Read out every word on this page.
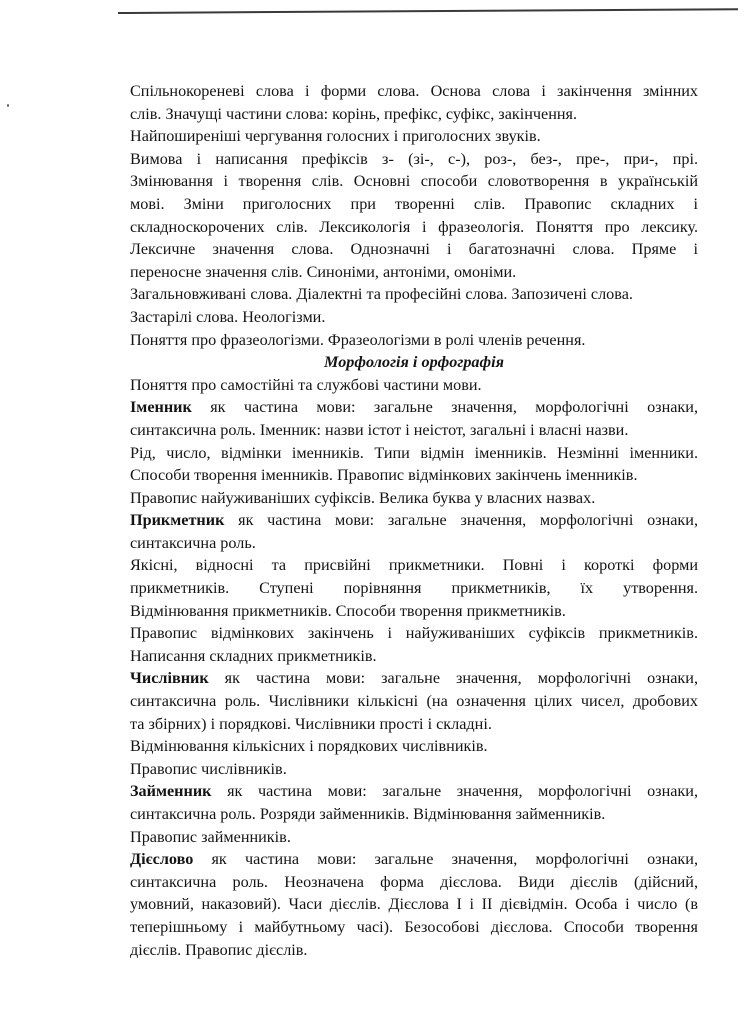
Спільнокореневі слова і форми слова. Основа слова і закінчення змінних
слів. Значущі частини слова: корінь, префікс, суфікс, закінчення.
Найпоширеніші чергування голосних і приголосних звуків.
Вимова і написання префіксів з- (зі-, с-), роз-, без-, пре-, при-, прі.
Змінювання і творення слів. Основні способи словотворення в українській
мові. Зміни приголосних при творенні слів. Правопис складних і
складноскорочених слів. Лексикологія і фразеологія. Поняття про лексику.
Лексичне значення слова. Однозначні і багатозначні слова. Пряме і
переносне значення слів. Синоніми, антоніми, омоніми.
Загальновживані слова. Діалектні та професійні слова. Запозичені слова.
Застарілі слова. Неологізми.
Поняття про фразеологізми. Фразеологізми в ролі членів речення.
Морфологія і орфографія
Поняття про самостійні та службові частини мови.
Іменник як частина мови: загальне значення, морфологічні ознаки,
синтаксична роль. Іменник: назви істот і неістот, загальні і власні назви.
Рід, число, відмінки іменників. Типи відмін іменників. Незмінні іменники.
Способи творення іменників. Правопис відмінкових закінчень іменників.
Правопис найуживаніших суфіксів. Велика буква у власних назвах.
Прикметник як частина мови: загальне значення, морфологічні ознаки,
синтаксична роль.
Якісні, відносні та присвійні прикметники. Повні і короткі форми
прикметників. Ступені порівняння прикметників, їх утворення.
Відмінювання прикметників. Способи творення прикметників.
Правопис відмінкових закінчень і найуживаніших суфіксів прикметників.
Написання складних прикметників.
Числівник як частина мови: загальне значення, морфологічні ознаки,
синтаксична роль. Числівники кількісні (на означення цілих чисел, дробових
та збірних) і порядкові. Числівники прості і складні.
Відмінювання кількісних і порядкових числівників.
Правопис числівників.
Займенник як частина мови: загальне значення, морфологічні ознаки,
синтаксична роль. Розряди займенників. Відмінювання займенників.
Правопис займенників.
Дієслово як частина мови: загальне значення, морфологічні ознаки,
синтаксична роль. Неозначена форма дієслова. Види дієслів (дійсний,
умовний, наказовий). Часи дієслів. Дієслова I і II дієвідмін. Особа і число (в
теперішньому і майбутньому часі). Безособові дієслова. Способи творення
дієслів. Правопис дієслів.
